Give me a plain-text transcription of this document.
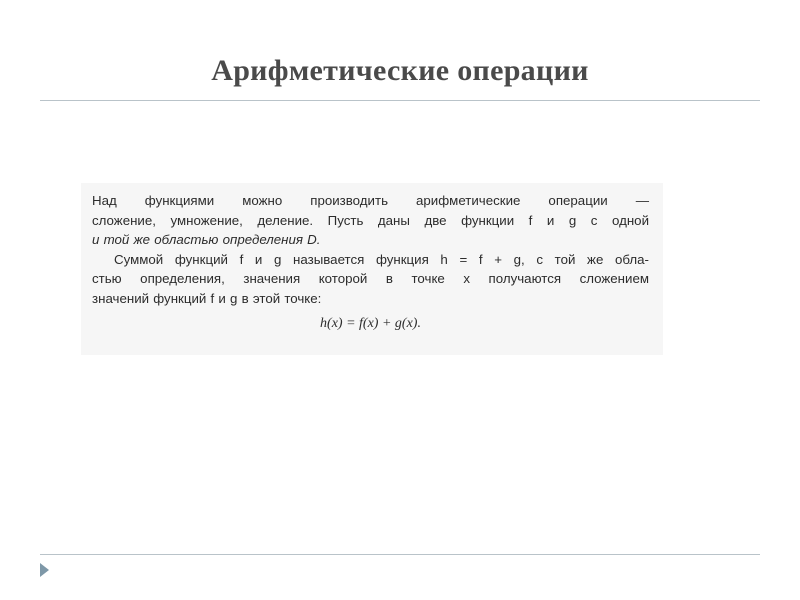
Арифметические операции
Над функциями можно производить арифметические операции —
сложение, умножение, деление. Пусть даны две функции f и g с одной
и той же областью определения D.
Суммой функций f и g называется функция h = f + g, с той же обла-
стью определения, значения которой в точке x получаются сложением
значений функций f и g в этой точке:
h(x) = f(x) + g(x).
